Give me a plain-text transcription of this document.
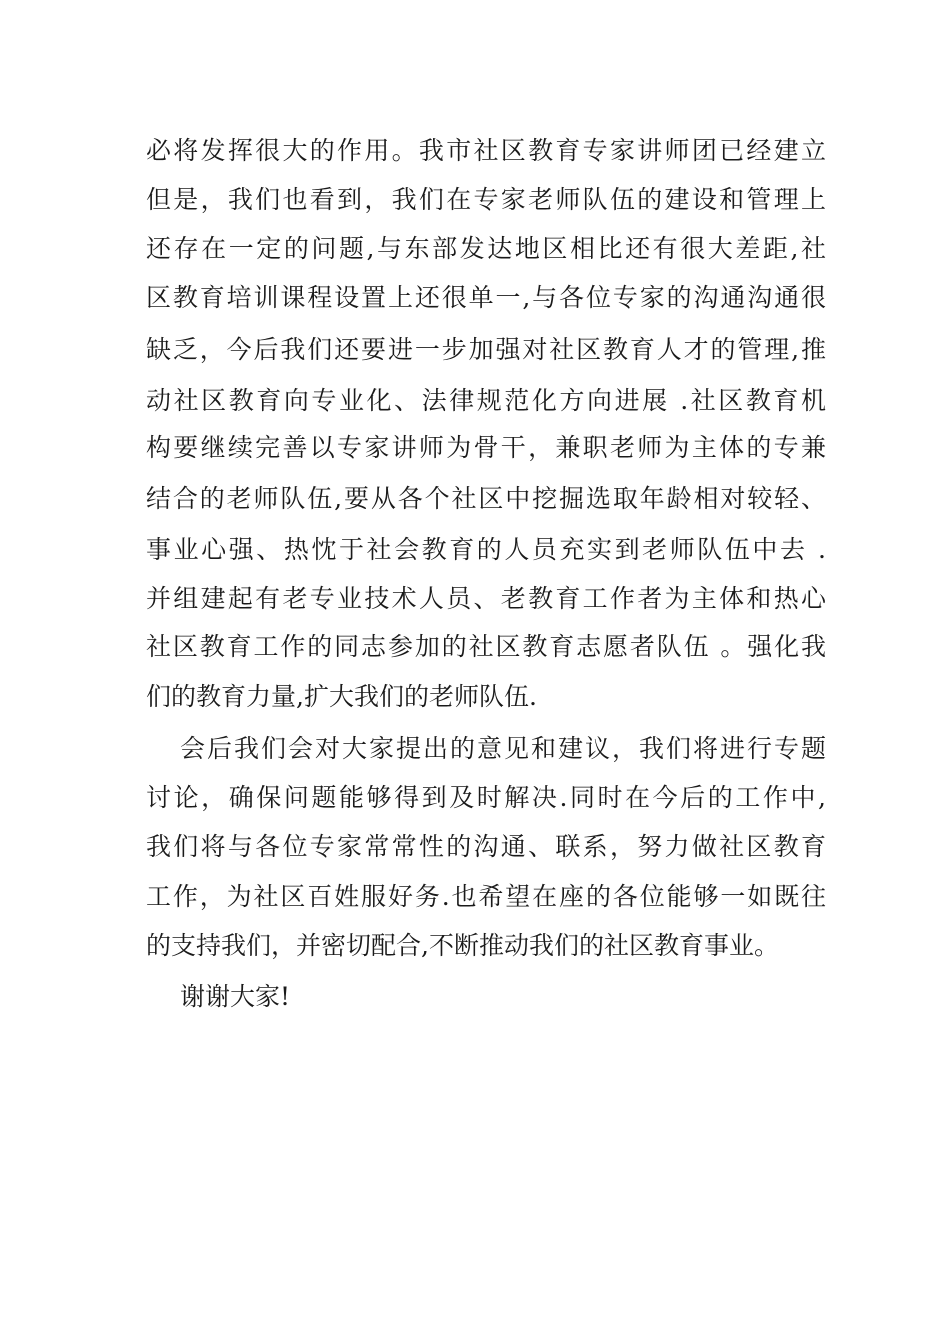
必将发挥很大的作用。我市社区教育专家讲师团已经建立
但是，我们也看到，我们在专家老师队伍的建设和管理上
还存在一定的问题,与东部发达地区相比还有很大差距,社
区教育培训课程设置上还很单一,与各位专家的沟通沟通很
缺乏，今后我们还要进一步加强对社区教育人才的管理,推
动社区教育向专业化、法律规范化方向进展 .社区教育机
构要继续完善以专家讲师为骨干，兼职老师为主体的专兼
结合的老师队伍,要从各个社区中挖掘选取年龄相对较轻、
事业心强、热忱于社会教育的人员充实到老师队伍中去 .
并组建起有老专业技术人员、老教育工作者为主体和热心
社区教育工作的同志参加的社区教育志愿者队伍 。强化我
们的教育力量,扩大我们的老师队伍.
会后我们会对大家提出的意见和建议，我们将进行专题
讨论，确保问题能够得到及时解决.同时在今后的工作中,
我们将与各位专家常常性的沟通、联系，努力做社区教育
工作，为社区百姓服好务.也希望在座的各位能够一如既往
的支持我们，并密切配合,不断推动我们的社区教育事业。
谢谢大家!
